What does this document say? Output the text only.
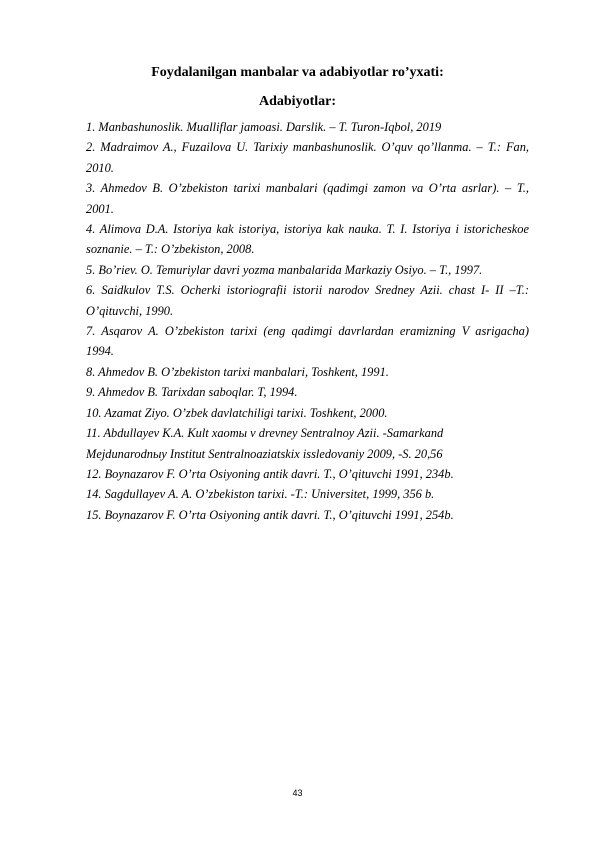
Foydalanilgan manbalar va adabiyotlar ro’yxati:
Adabiyotlar:

1. Manbashunoslik. Mualliflar jamoasi. Darslik. – T. Turon-Iqbol, 2019

2. Madraimov A., Fuzailova U. Tarixiy manbashunoslik. O’quv qo’llanma. – T.: Fan, 2010.

3. Ahmedov B. O’zbekiston tarixi manbalari (qadimgi zamon va O’rta asrlar). – T., 2001.

4. Alimova D.A. Istoriya kak istoriya, istoriya kak nauka. T. I. Istoriya i istoricheskoe soznanie. – T.: O’zbekiston, 2008.

5. Bo’riev. O. Temuriylar davri yozma manbalarida Markaziy Osiyo. – T., 1997.

6. Saidkulov T.S. Ocherki istoriografii istorii narodov Sredney Azii. chast I- II –T.: O’qituvchi, 1990.

7. Asqarov A. O’zbekiston tarixi (eng qadimgi davrlardan eramizning V asrigacha) 1994.

8. Ahmedov B. O’zbekiston tarixi manbalari, Toshkent, 1991.

9. Ahmedov B. Tarixdan saboqlar. T, 1994.

10. Azamat Ziyo. O’zbek davlatchiligi tarixi. Toshkent, 2000.

11. Abdullayev K.A. Kult xaomы v drevney Sentralnoy Azii. -Samarkand

Mejdunarodnыy Institut Sentralnoaziatskix issledovaniy 2009, -S. 20,56

12. Boynazarov F. O’rta Osiyoning antik davri. T., O’qituvchi 1991, 234b.

14. Sagdullayev A. A. O’zbekiston tarixi. -T.: Universitet, 1999, 356 b.

15. Boynazarov F. O’rta Osiyoning antik davri. T., O’qituvchi 1991, 254b.

43
